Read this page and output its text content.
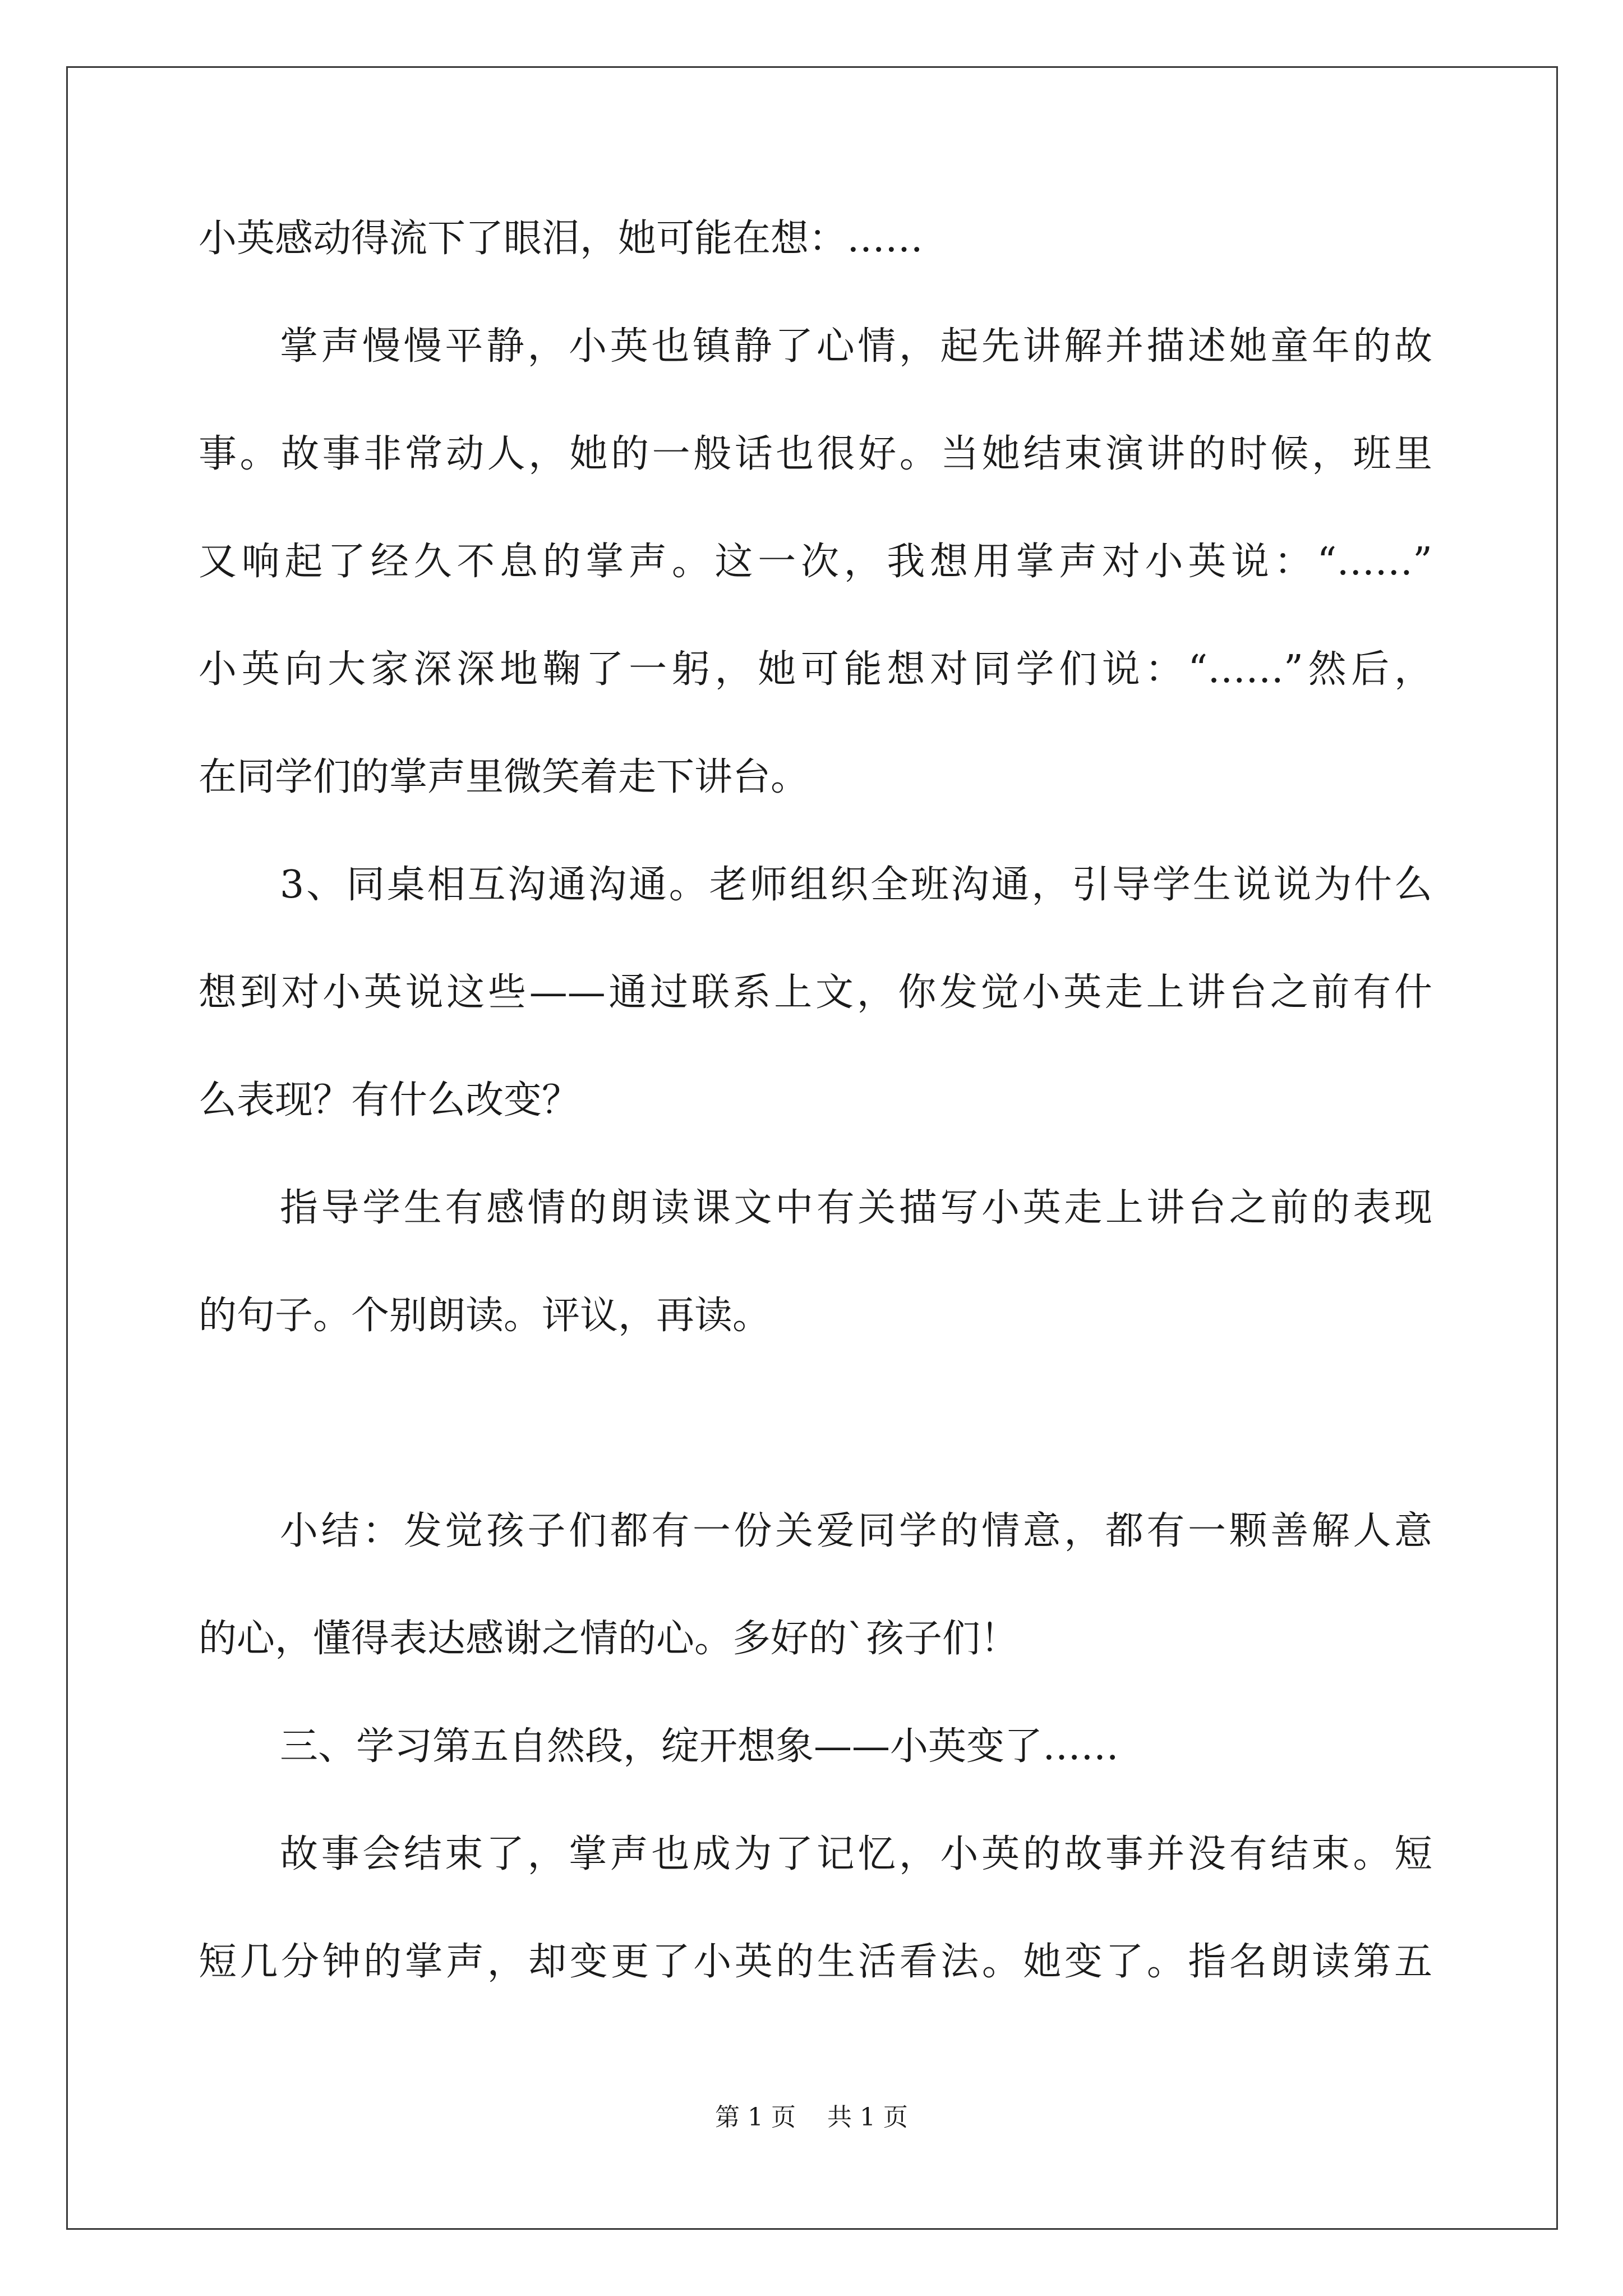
小英感动得流下了眼泪，她可能在想：……
掌声慢慢平静，小英也镇静了心情，起先讲解并描述她童年的故
事。故事非常动人，她的一般话也很好。当她结束演讲的时候，班里
又响起了经久不息的掌声。这一次，我想用掌声对小英说：“……”
小英向大家深深地鞠了一躬，她可能想对同学们说：“……”然后，
在同学们的掌声里微笑着走下讲台。
3、同桌相互沟通沟通。老师组织全班沟通，引导学生说说为什么
想到对小英说这些——通过联系上文，你发觉小英走上讲台之前有什
么表现？有什么改变？
指导学生有感情的朗读课文中有关描写小英走上讲台之前的表现
的句子。个别朗读。评议，再读。
小结：发觉孩子们都有一份关爱同学的情意，都有一颗善解人意
的心，懂得表达感谢之情的心。多好的`孩子们！
三、学习第五自然段，绽开想象——小英变了……
故事会结束了，掌声也成为了记忆，小英的故事并没有结束。短
短几分钟的掌声，却变更了小英的生活看法。她变了。指名朗读第五
第 1 页    共 1 页
